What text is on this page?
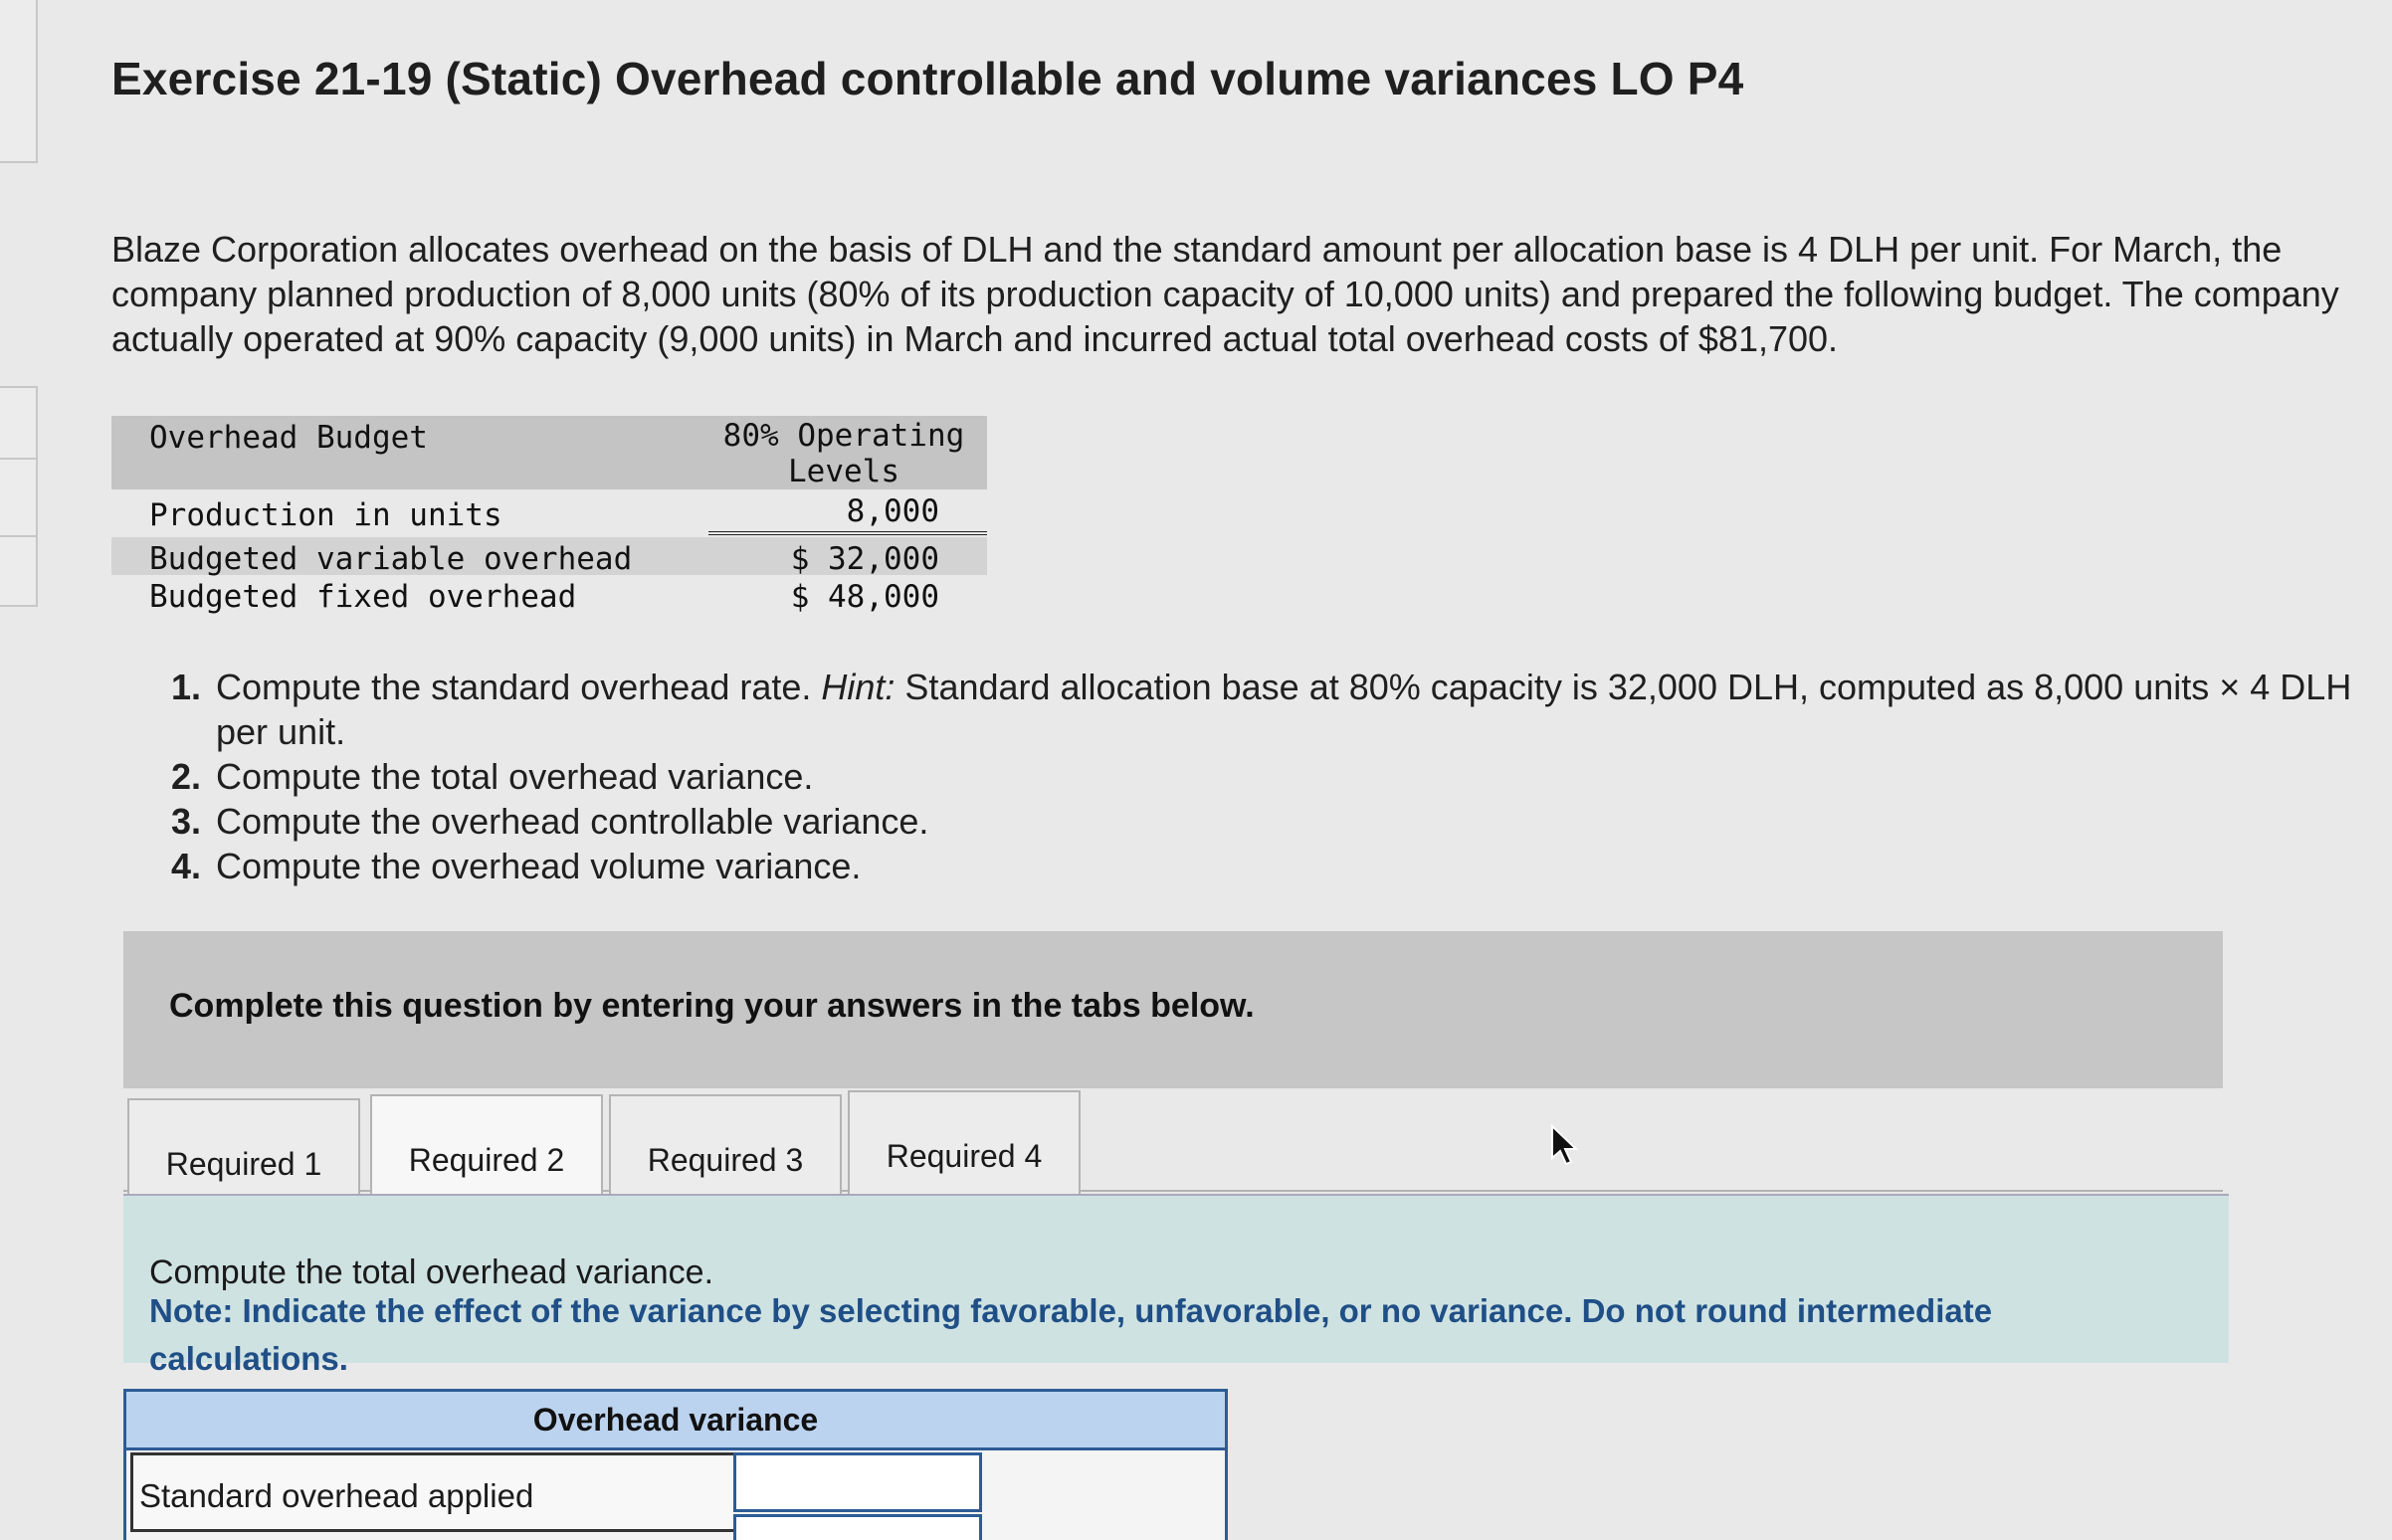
Exercise 21-19 (Static) Overhead controllable and volume variances LO P4
Blaze Corporation allocates overhead on the basis of DLH and the standard amount per allocation base is 4 DLH per unit. For March, the company planned production of 8,000 units (80% of its production capacity of 10,000 units) and prepared the following budget. The company actually operated at 90% capacity (9,000 units) in March and incurred actual total overhead costs of $81,700.
Overhead Budget	80% Operating Levels
Production in units	8,000
Budgeted variable overhead	$ 32,000
Budgeted fixed overhead	$ 48,000
1. Compute the standard overhead rate. Hint: Standard allocation base at 80% capacity is 32,000 DLH, computed as 8,000 units × 4 DLH per unit.
2. Compute the total overhead variance.
3. Compute the overhead controllable variance.
4. Compute the overhead volume variance.
Complete this question by entering your answers in the tabs below.
Required 1	Required 2	Required 3	Required 4
Compute the total overhead variance.
Note: Indicate the effect of the variance by selecting favorable, unfavorable, or no variance. Do not round intermediate calculations.
Overhead variance
Standard overhead applied
